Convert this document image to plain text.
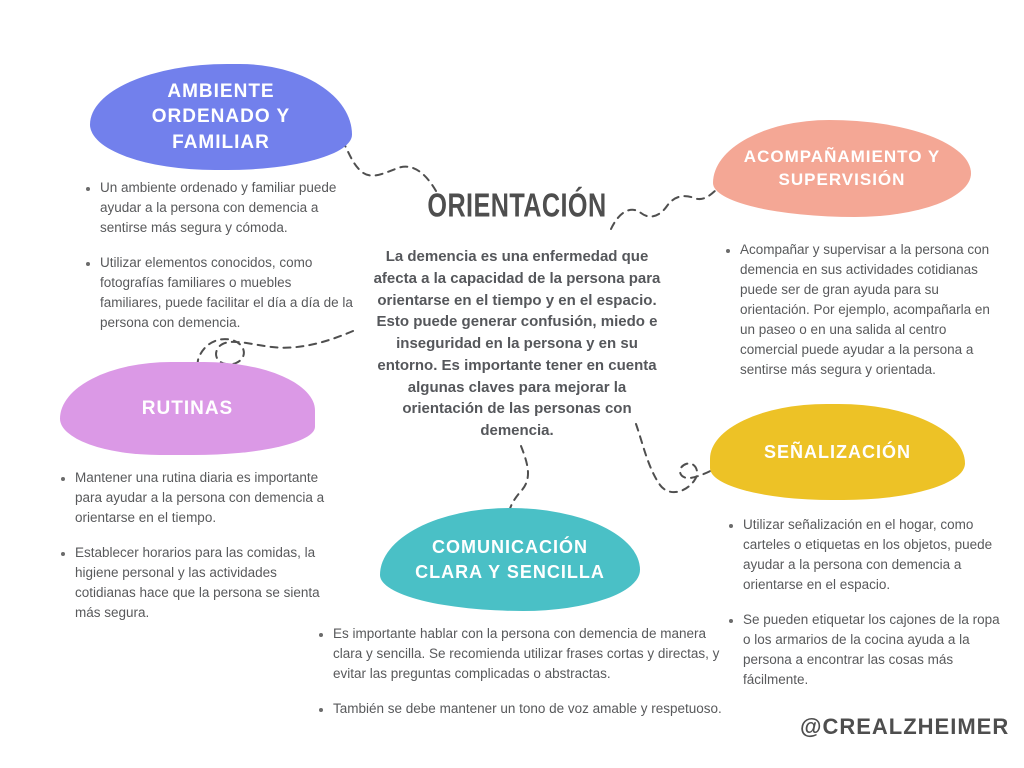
ORIENTACIÓN

La demencia es una enfermedad que afecta a la capacidad de la persona para orientarse en el tiempo y en el espacio. Esto puede generar confusión, miedo e inseguridad en la persona y en su entorno. Es importante tener en cuenta algunas claves para mejorar la orientación de las personas con demencia.

AMBIENTE ORDENADO Y FAMILIAR
• Un ambiente ordenado y familiar puede ayudar a la persona con demencia a sentirse más segura y cómoda.
• Utilizar elementos conocidos, como fotografías familiares o muebles familiares, puede facilitar el día a día de la persona con demencia.
ACOMPAÑAMIENTO Y SUPERVISIÓN
• Acompañar y supervisar a la persona con demencia en sus actividades cotidianas puede ser de gran ayuda para su orientación. Por ejemplo, acompañarla en un paseo o en una salida al centro comercial puede ayudar a la persona a sentirse más segura y orientada.
RUTINAS
• Mantener una rutina diaria es importante para ayudar a la persona con demencia a orientarse en el tiempo.
• Establecer horarios para las comidas, la higiene personal y las actividades cotidianas hace que la persona se sienta más segura.
SEÑALIZACIÓN
• Utilizar señalización en el hogar, como carteles o etiquetas en los objetos, puede ayudar a la persona con demencia a orientarse en el espacio.
• Se pueden etiquetar los cajones de la ropa o los armarios de la cocina ayuda a la persona a encontrar las cosas más fácilmente.
COMUNICACIÓN CLARA Y SENCILLA
• Es importante hablar con la persona con demencia de manera clara y sencilla. Se recomienda utilizar frases cortas y directas, y evitar las preguntas complicadas o abstractas.
• También se debe mantener un tono de voz amable y respetuoso.
@CREALZHEIMER
